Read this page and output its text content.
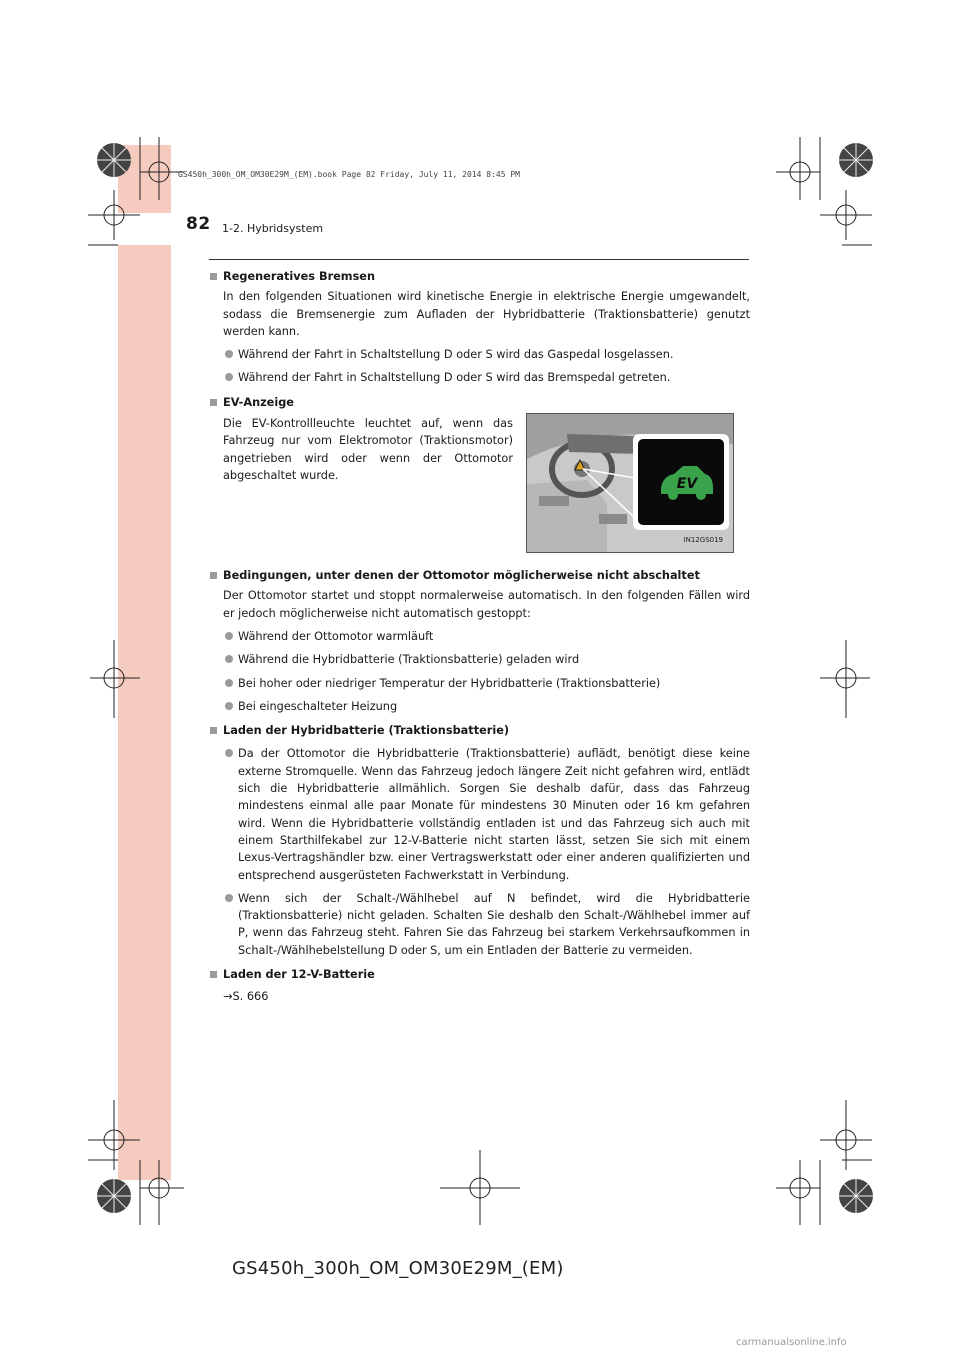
GS450h_300h_OM_OM30E29M_(EM).book Page 82 Friday, July 11, 2014 8:45 PM
82 1-2. Hybridsystem
Regeneratives Bremsen
In den folgenden Situationen wird kinetische Energie in elektrische Energie umgewandelt, sodass die Bremsenergie zum Aufladen der Hybridbatterie (Traktionsbatterie) genutzt werden kann.
Während der Fahrt in Schaltstellung D oder S wird das Gaspedal losgelassen.
Während der Fahrt in Schaltstellung D oder S wird das Bremspedal getreten.
EV-Anzeige
Die EV-Kontrollleuchte leuchtet auf, wenn das Fahrzeug nur vom Elektromotor (Traktionsmotor) angetrieben wird oder wenn der Ottomotor abgeschaltet wurde.
EV
IN12GS019
Bedingungen, unter denen der Ottomotor möglicherweise nicht abschaltet
Der Ottomotor startet und stoppt normalerweise automatisch. In den folgenden Fällen wird er jedoch möglicherweise nicht automatisch gestoppt:
Während der Ottomotor warmläuft
Während die Hybridbatterie (Traktionsbatterie) geladen wird
Bei hoher oder niedriger Temperatur der Hybridbatterie (Traktionsbatterie)
Bei eingeschalteter Heizung
Laden der Hybridbatterie (Traktionsbatterie)
Da der Ottomotor die Hybridbatterie (Traktionsbatterie) auflädt, benötigt diese keine externe Stromquelle. Wenn das Fahrzeug jedoch längere Zeit nicht gefahren wird, entlädt sich die Hybridbatterie allmählich. Sorgen Sie deshalb dafür, dass das Fahrzeug mindestens einmal alle paar Monate für mindestens 30 Minuten oder 16 km gefahren wird. Wenn die Hybridbatterie vollständig entladen ist und das Fahrzeug sich auch mit einem Starthilfekabel zur 12-V-Batterie nicht starten lässt, setzen Sie sich mit einem Lexus-Vertragshändler bzw. einer Vertragswerkstatt oder einer anderen qualifizierten und entsprechend ausgerüsteten Fachwerkstatt in Verbindung.
Wenn sich der Schalt-/Wählhebel auf N befindet, wird die Hybridbatterie (Traktionsbatterie) nicht geladen. Schalten Sie deshalb den Schalt-/Wählhebel immer auf P, wenn das Fahrzeug steht. Fahren Sie das Fahrzeug bei starkem Verkehrsaufkommen in Schalt-/Wählhebelstellung D oder S, um ein Entladen der Batterie zu vermeiden.
Laden der 12-V-Batterie
→S. 666
GS450h_300h_OM_OM30E29M_(EM)
carmanualsonline.info
